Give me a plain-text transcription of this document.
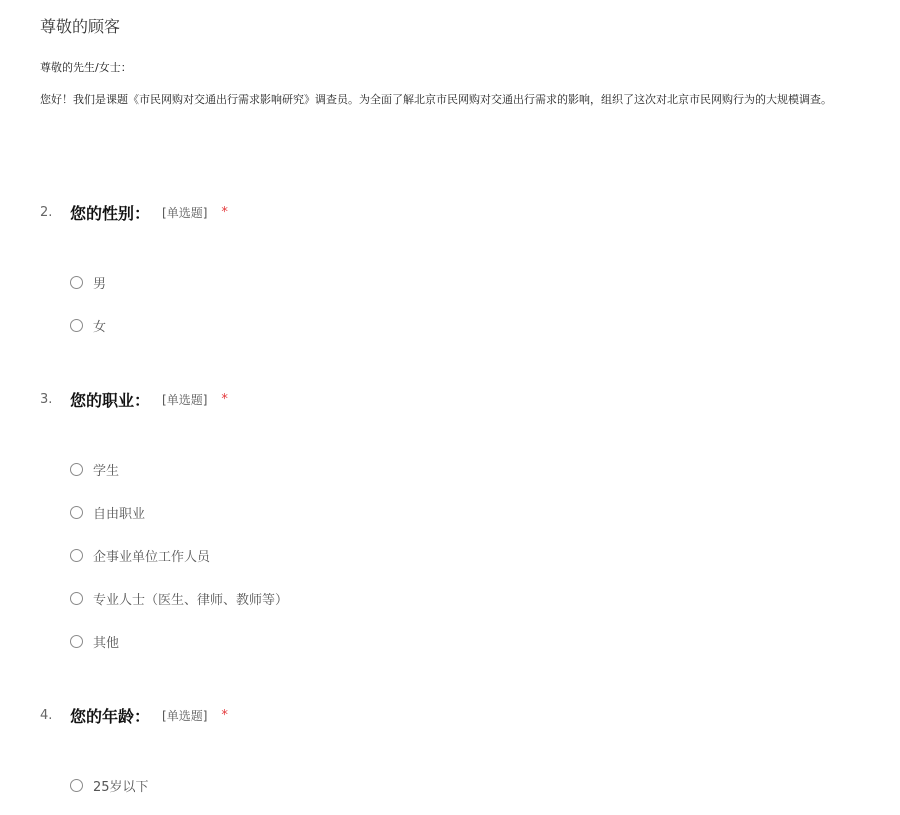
尊敬的顾客
尊敬的先生/女士：
您好！我们是课题《市民网购对交通出行需求影响研究》调查员。为全面了解北京市民网购对交通出行需求的影响，组织了这次对北京市民网购行为的大规模调查。
2.	您的性别： [单选题] *
男
女
3.	您的职业： [单选题] *
学生
自由职业
企事业单位工作人员
专业人士（医生、律师、教师等）
其他
4.	您的年龄： [单选题] *
25岁以下
